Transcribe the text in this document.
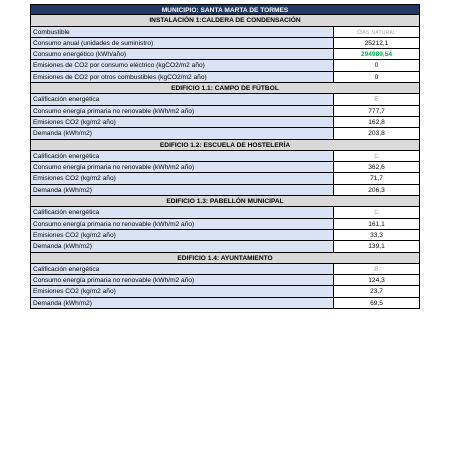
MUNICIPIO: SANTA MARTA DE TORMES
INSTALACIÓN 1:CALDERA DE CONDENSACIÓN
Combustible	Gas natural
Consumo anual (unidades de suministro)	25212,1
Consumo energético (kWh/año)	294989,54
Emisiones de CO2 por consumo eléctrico (kgCO2/m2 año)	0
Emisiones de CO2 por otros combustibles (kgCO2/m2 año)	0
EDIFICIO 1.1: CAMPO DE FÚTBOL
Calificación energética	E
Consumo energía primaria no renovable (kWh/m2 año)	777,7
Emisiones CO2 (kg/m2 año)	162,8
Demanda (kWh/m2)	203,8
EDIFICIO 1.2: ESCUELA DE HOSTELERÍA
Calificación energética	C
Consumo energía primaria no renovable (kWh/m2 año)	362,6
Emisiones CO2 (kg/m2 año)	71,7
Demanda (kWh/m2)	206,3
EDIFICIO 1.3: PABELLÓN MUNICIPAL
Calificación energética	C
Consumo energía primaria no renovable (kWh/m2 año)	161,1
Emisiones CO2 (kg/m2 año)	33,3
Demanda (kWh/m2)	139,1
EDIFICIO 1.4: AYUNTAMIENTO
Calificación energética	B
Consumo energía primaria no renovable (kWh/m2 año)	124,3
Emisiones CO2 (kg/m2 año)	23,7
Demanda (kWh/m2)	69,5
